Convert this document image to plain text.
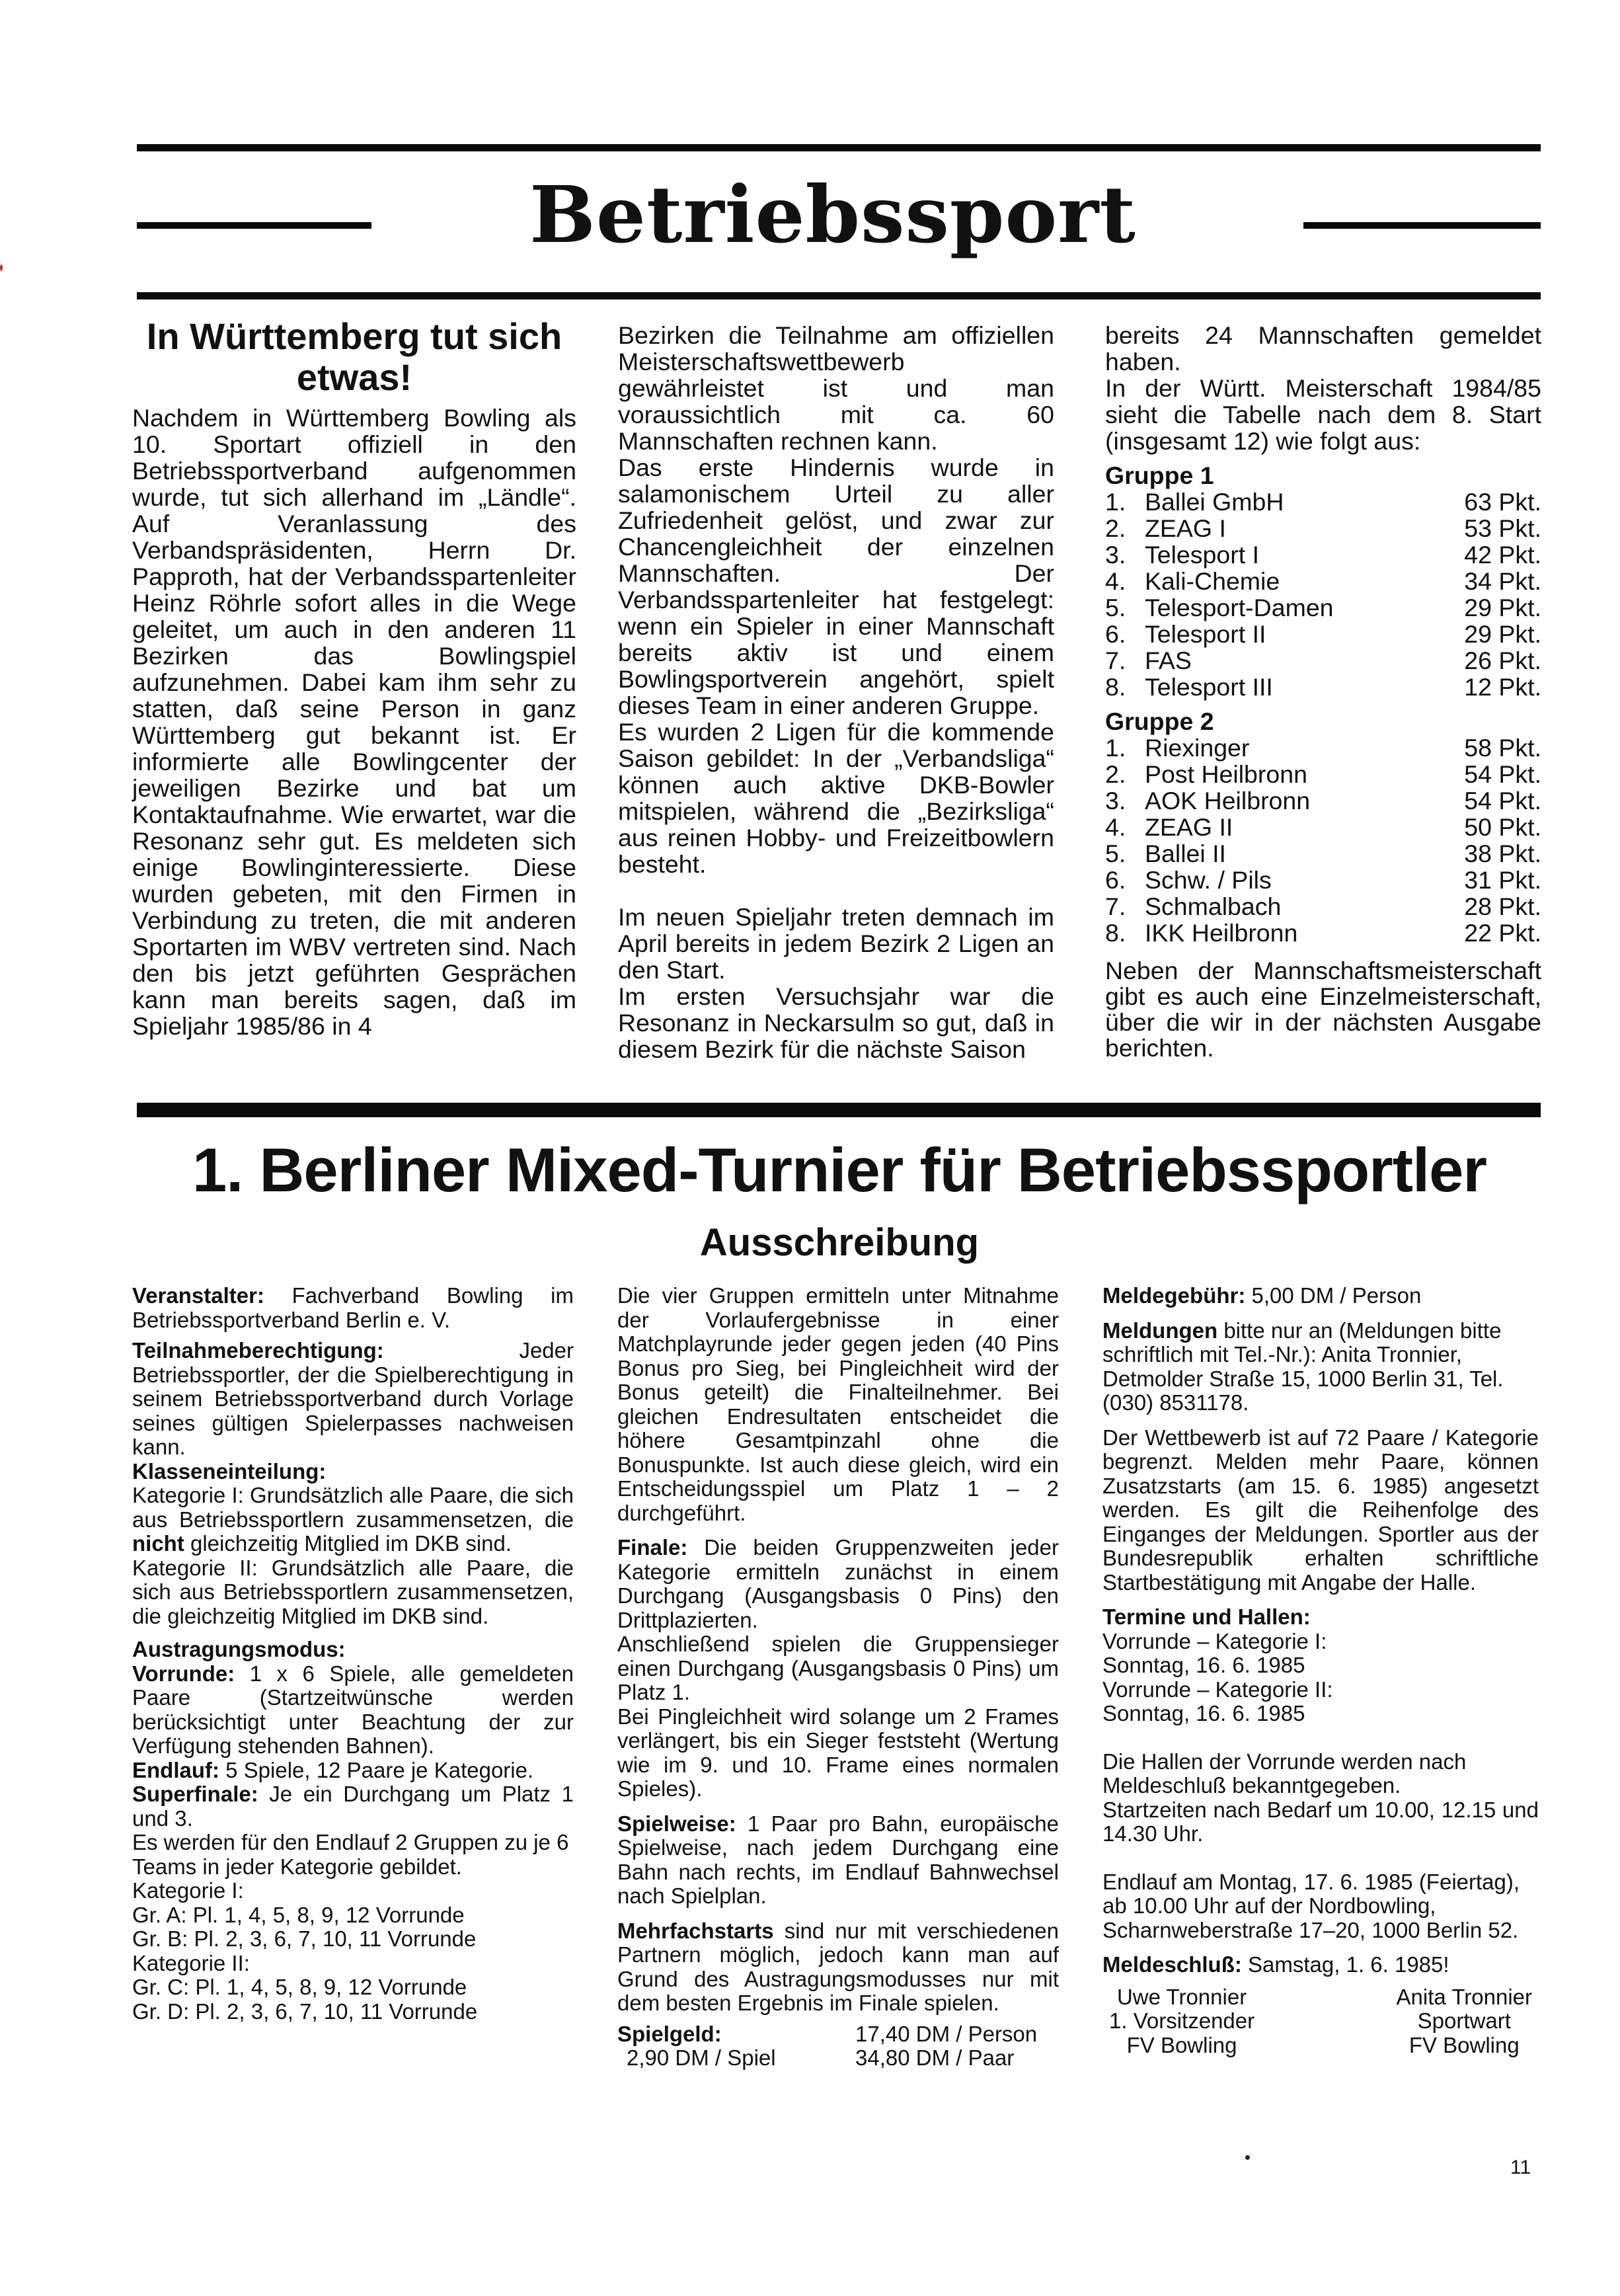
Betriebssport
In Württemberg tut sich etwas!

Nachdem in Württemberg Bowling als 10. Sportart offiziell in den Betriebssportverband aufgenommen wurde, tut sich allerhand im „Ländle“. Auf Veranlassung des Verbandspräsidenten, Herrn Dr. Papproth, hat der Verbandsspartenleiter Heinz Röhrle sofort alles in die Wege geleitet, um auch in den anderen 11 Bezirken das Bowlingspiel aufzunehmen. Dabei kam ihm sehr zu statten, daß seine Person in ganz Württemberg gut bekannt ist. Er informierte alle Bowlingcenter der jeweiligen Bezirke und bat um Kontaktaufnahme. Wie erwartet, war die Resonanz sehr gut. Es meldeten sich einige Bowlinginteressierte. Diese wurden gebeten, mit den Firmen in Verbindung zu treten, die mit anderen Sportarten im WBV vertreten sind. Nach den bis jetzt geführten Gesprächen kann man bereits sagen, daß im Spieljahr 1985/86 in 4

Bezirken die Teilnahme am offiziellen Meisterschaftswettbewerb gewährleistet ist und man voraussichtlich mit ca. 60 Mannschaften rechnen kann.

Das erste Hindernis wurde in salamonischem Urteil zu aller Zufriedenheit gelöst, und zwar zur Chancengleichheit der einzelnen Mannschaften. Der Verbandsspartenleiter hat festgelegt: wenn ein Spieler in einer Mannschaft bereits aktiv ist und einem Bowlingsportverein angehört, spielt dieses Team in einer anderen Gruppe.

Es wurden 2 Ligen für die kommende Saison gebildet: In der „Verbandsliga“ können auch aktive DKB-Bowler mitspielen, während die „Bezirksliga“ aus reinen Hobby- und Freizeitbowlern besteht.

Im neuen Spieljahr treten demnach im April bereits in jedem Bezirk 2 Ligen an den Start.

Im ersten Versuchsjahr war die Resonanz in Neckarsulm so gut, daß in diesem Bezirk für die nächste Saison

bereits 24 Mannschaften gemeldet haben.

In der Württ. Meisterschaft 1984/85 sieht die Tabelle nach dem 8. Start (insgesamt 12) wie folgt aus:

Gruppe 1
1. Ballei GmbH	63 Pkt.
2. ZEAG I	53 Pkt.
3. Telesport I	42 Pkt.
4. Kali-Chemie	34 Pkt.
5. Telesport-Damen	29 Pkt.
6. Telesport II	29 Pkt.
7. FAS	26 Pkt.
8. Telesport III	12 Pkt.
Gruppe 2
1. Riexinger	58 Pkt.
2. Post Heilbronn	54 Pkt.
3. AOK Heilbronn	54 Pkt.
4. ZEAG II	50 Pkt.
5. Ballei II	38 Pkt.
6. Schw. / Pils	31 Pkt.
7. Schmalbach	28 Pkt.
8. IKK Heilbronn	22 Pkt.

Neben der Mannschaftsmeisterschaft gibt es auch eine Einzelmeisterschaft, über die wir in der nächsten Ausgabe berichten.

1. Berliner Mixed-Turnier für Betriebssportler
Ausschreibung

Veranstalter: Fachverband Bowling im Betriebssportverband Berlin e. V.

Teilnahmeberechtigung: Jeder Betriebssportler, der die Spielberechtigung in seinem Betriebssportverband durch Vorlage seines gültigen Spielerpasses nachweisen kann.

Klasseneinteilung:

Kategorie I: Grundsätzlich alle Paare, die sich aus Betriebssportlern zusammensetzen, die nicht gleichzeitig Mitglied im DKB sind.

Kategorie II: Grundsätzlich alle Paare, die sich aus Betriebssportlern zusammensetzen, die gleichzeitig Mitglied im DKB sind.

Austragungsmodus:

Vorrunde: 1 x 6 Spiele, alle gemeldeten Paare (Startzeitwünsche werden berücksichtigt unter Beachtung der zur Verfügung stehenden Bahnen).

Endlauf: 5 Spiele, 12 Paare je Kategorie.

Superfinale: Je ein Durchgang um Platz 1 und 3.

Es werden für den Endlauf 2 Gruppen zu je 6 Teams in jeder Kategorie gebildet.

Kategorie I:

Gr. A: Pl. 1, 4, 5, 8, 9, 12 Vorrunde

Gr. B: Pl. 2, 3, 6, 7, 10, 11 Vorrunde

Kategorie II:

Gr. C: Pl. 1, 4, 5, 8, 9, 12 Vorrunde

Gr. D: Pl. 2, 3, 6, 7, 10, 11 Vorrunde

Die vier Gruppen ermitteln unter Mitnahme der Vorlaufergebnisse in einer Matchplayrunde jeder gegen jeden (40 Pins Bonus pro Sieg, bei Pingleichheit wird der Bonus geteilt) die Finalteilnehmer. Bei gleichen Endresultaten entscheidet die höhere Gesamtpinzahl ohne die Bonuspunkte. Ist auch diese gleich, wird ein Entscheidungsspiel um Platz 1 – 2 durchgeführt.

Finale: Die beiden Gruppenzweiten jeder Kategorie ermitteln zunächst in einem Durchgang (Ausgangsbasis 0 Pins) den Drittplazierten.

Anschließend spielen die Gruppensieger einen Durchgang (Ausgangsbasis 0 Pins) um Platz 1.

Bei Pingleichheit wird solange um 2 Frames verlängert, bis ein Sieger feststeht (Wertung wie im 9. und 10. Frame eines normalen Spieles).

Spielweise: 1 Paar pro Bahn, europäische Spielweise, nach jedem Durchgang eine Bahn nach rechts, im Endlauf Bahnwechsel nach Spielplan.

Mehrfachstarts sind nur mit verschiedenen Partnern möglich, jedoch kann man auf Grund des Austragungsmodusses nur mit dem besten Ergebnis im Finale spielen.

Spielgeld:	17,40 DM / Person
2,90 DM / Spiel	34,80 DM / Paar

Meldegebühr: 5,00 DM / Person

Meldungen bitte nur an (Meldungen bitte schriftlich mit Tel.-Nr.): Anita Tronnier, Detmolder Straße 15, 1000 Berlin 31, Tel. (030) 8531178.

Der Wettbewerb ist auf 72 Paare / Kategorie begrenzt. Melden mehr Paare, können Zusatzstarts (am 15. 6. 1985) angesetzt werden. Es gilt die Reihenfolge des Einganges der Meldungen. Sportler aus der Bundesrepublik erhalten schriftliche Startbestätigung mit Angabe der Halle.

Termine und Hallen:

Vorrunde – Kategorie I:

Sonntag, 16. 6. 1985

Vorrunde – Kategorie II:

Sonntag, 16. 6. 1985

Die Hallen der Vorrunde werden nach Meldeschluß bekanntgegeben.

Startzeiten nach Bedarf um 10.00, 12.15 und 14.30 Uhr.

Endlauf am Montag, 17. 6. 1985 (Feiertag), ab 10.00 Uhr auf der Nordbowling, Scharnweberstraße 17–20, 1000 Berlin 52.

Meldeschluß: Samstag, 1. 6. 1985!

Uwe Tronnier
1. Vorsitzender
FV Bowling
Anita Tronnier
Sportwart
FV Bowling
11
